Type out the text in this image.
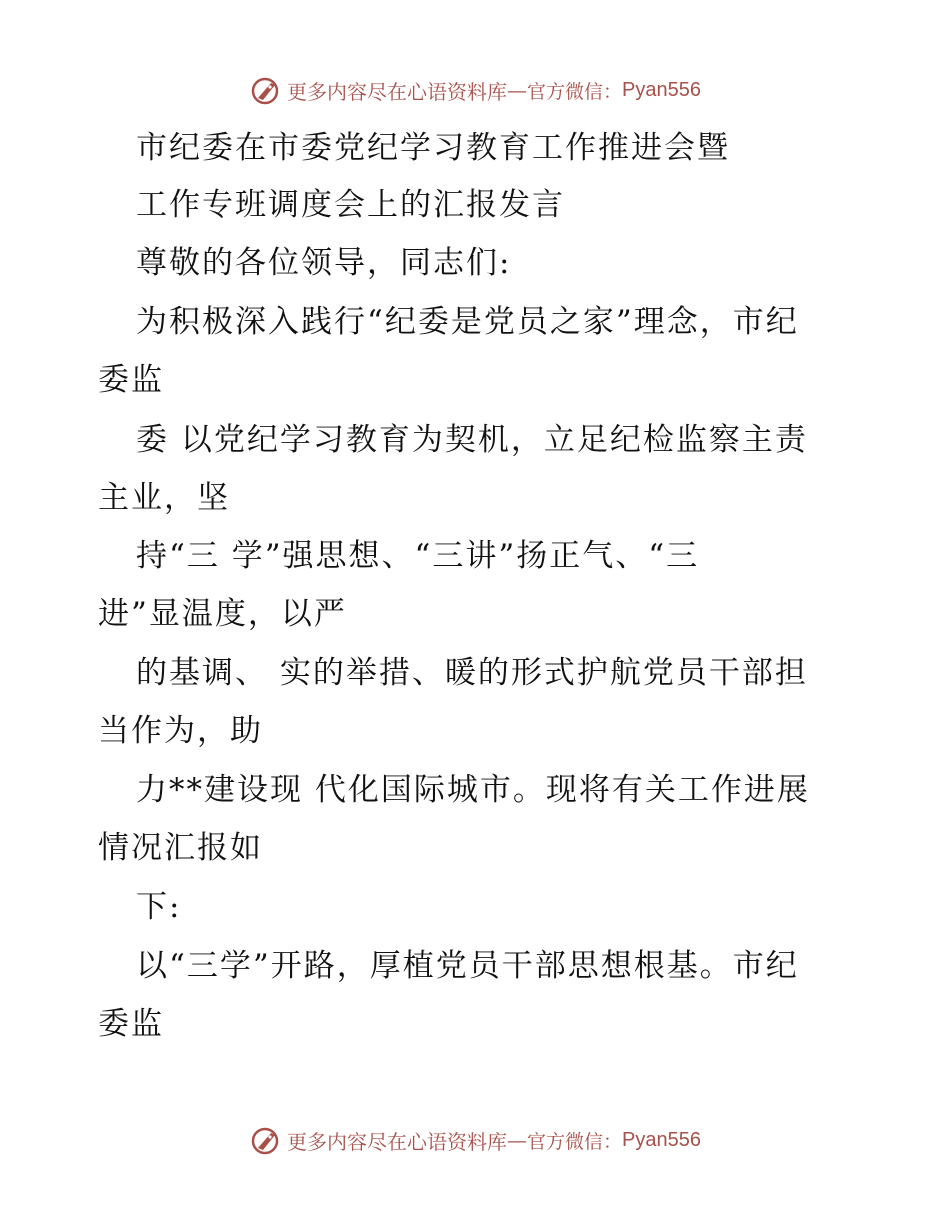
更多内容尽在心语资料库 — 官方微信： Pyan556
市纪委在市委党纪学习教育工作推进会暨
工作专班调度会上的汇报发言
尊敬的各位领导，同志们:
为积极深入践行“纪委是党员之家”理念，市纪
委监
委 以党纪学习教育为契机，立足纪检监察主责
主业，坚
持“三 学”强思想、“三讲”扬正气、“三
进”显温度，以严
的基调、 实的举措、暖的形式护航党员干部担
当作为，助
力**建设现 代化国际城市。现将有关工作进展
情况汇报如
下:
以“三学”开路，厚植党员干部思想根基。市纪
委监
更多内容尽在心语资料库 — 官方微信： Pyan556
